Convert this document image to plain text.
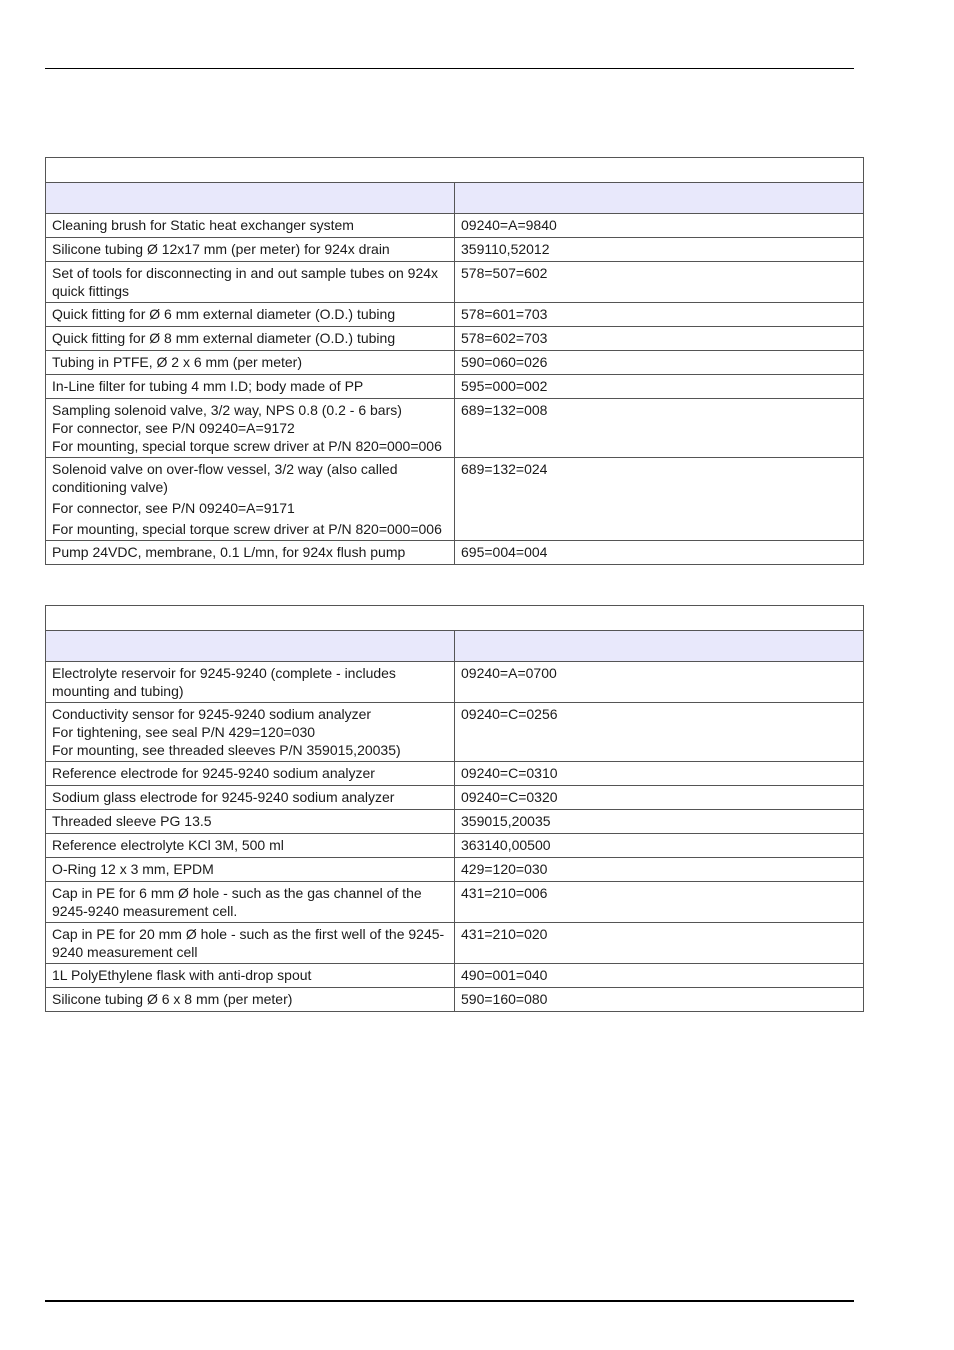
Cleaning brush for Static heat exchanger system	09240=A=9840

Silicone tubing Ø 12x17 mm (per meter) for 924x drain	359110,52012

Set of tools for disconnecting in and out sample tubes on 924x quick fittings	578=507=602

Quick fitting for Ø 6 mm external diameter (O.D.) tubing	578=601=703

Quick fitting for Ø 8 mm external diameter (O.D.) tubing	578=602=703

Tubing in PTFE, Ø 2 x 6 mm (per meter)	590=060=026

In-Line filter for tubing 4 mm I.D; body made of PP	595=000=002

Sampling solenoid valve, 3/2 way, NPS 0.8 (0.2 - 6 bars)
For connector, see P/N 09240=A=9172
For mounting, special torque screw driver at P/N 820=000=006	689=132=008

Solenoid valve on over-flow vessel, 3/2 way (also called conditioning valve)
For connector, see P/N 09240=A=9171
For mounting, special torque screw driver at P/N 820=000=006	689=132=024

Pump 24VDC, membrane, 0.1 L/mn, for 924x flush pump	695=004=004

Electrolyte reservoir for 9245-9240 (complete - includes mounting and tubing)	09240=A=0700

Conductivity sensor for 9245-9240 sodium analyzer
For tightening, see seal P/N 429=120=030
For mounting, see threaded sleeves P/N 359015,20035)	09240=C=0256

Reference electrode for 9245-9240 sodium analyzer	09240=C=0310

Sodium glass electrode for 9245-9240 sodium analyzer	09240=C=0320

Threaded sleeve PG 13.5	359015,20035

Reference electrolyte KCl 3M, 500 ml	363140,00500

O-Ring 12 x 3 mm, EPDM	429=120=030

Cap in PE for 6 mm Ø hole - such as the gas channel of the 9245-9240 measurement cell.	431=210=006

Cap in PE for 20 mm Ø hole - such as the first well of the 9245-9240 measurement cell	431=210=020

1L PolyEthylene flask with anti-drop spout	490=001=040

Silicone tubing Ø 6 x 8 mm (per meter)	590=160=080
